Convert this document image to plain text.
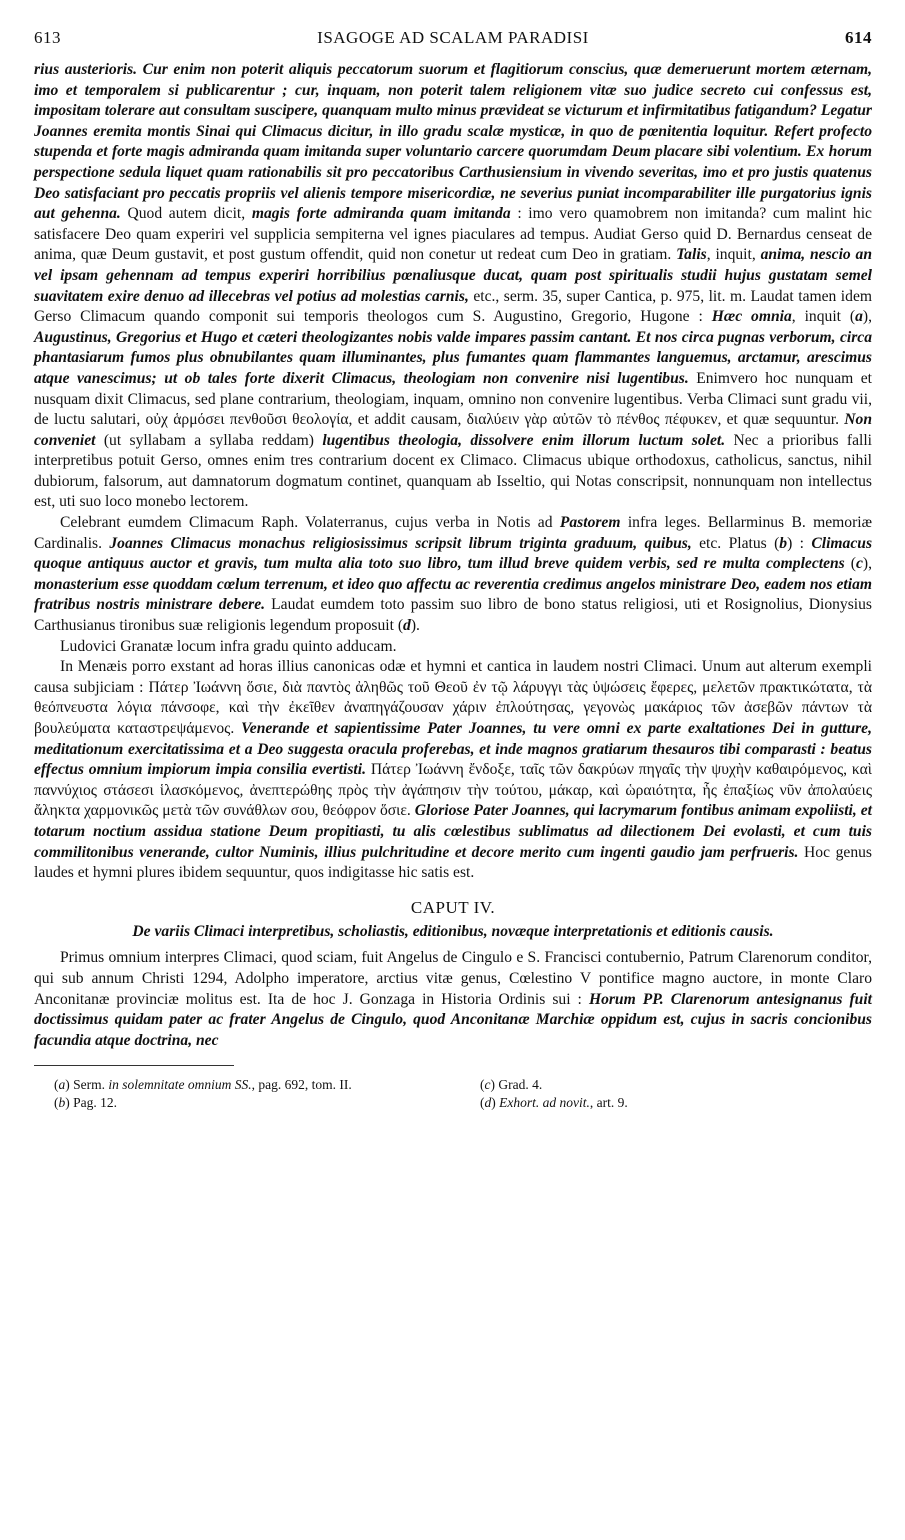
613	ISAGOGE AD SCALAM PARADISI	614

rius austerioris. Cur enim non poterit aliquis peccatorum suorum et flagitiorum conscius, quæ demeruerunt mortem æternam, imo et temporalem si publicarentur ; cur, inquam, non poterit talem religionem vitæ suo judice secreto cui confessus est, impositam tolerare aut consultam suscipere, quanquam multo minus prævideat se victurum et infirmitatibus fatigandum? Legatur Joannes eremita montis Sinai qui Climacus dicitur, in illo gradu scalæ mysticæ, in quo de pœnitentia loquitur. Refert profecto stupenda et forte magis admiranda quam imitanda super voluntario carcere quorumdam Deum placare sibi volentium. Ex horum perspectione sedula liquet quam rationabilis sit pro peccatoribus Carthusiensium in vivendo severitas, imo et pro justis quatenus Deo satisfaciant pro peccatis propriis vel alienis tempore misericordiæ, ne severius puniat incomparabiliter ille purgatorius ignis aut gehenna. Quod autem dicit, magis forte admiranda quam imitanda : imo vero quamobrem non imitanda? cum malint hic satisfacere Deo quam experiri vel supplicia sempiterna vel ignes piaculares ad tempus. Audiat Gerso quid D. Bernardus censeat de anima, quæ Deum gustavit, et post gustum offendit, quid non conetur ut redeat cum Deo in gratiam. Talis, inquit, anima, nescio an vel ipsam gehennam ad tempus experiri horribilius pœnaliusque ducat, quam post spiritualis studii hujus gustatam semel suavitatem exire denuo ad illecebras vel potius ad molestias carnis, etc., serm. 35, super Cantica, p. 975, lit. m. Laudat tamen idem Gerso Climacum quando componit sui temporis theologos cum S. Augustino, Gregorio, Hugone : Hæc omnia, inquit (a), Augustinus, Gregorius et Hugo et cæteri theologizantes nobis valde impares passim cantant. Et nos circa pugnas verborum, circa phantasiarum fumos plus obnubilantes quam illuminantes, plus fumantes quam flammantes languemus, arctamur, arescimus atque vanescimus; ut ob tales forte dixerit Climacus, theologiam non convenire nisi lugentibus. Enimvero hoc nunquam et nusquam dixit Climacus, sed plane contrarium, theologiam, inquam, omnino non convenire lugentibus. Verba Climaci sunt gradu vii, de luctu salutari, οὐχ ἁρμόσει πενθοῦσι θεολογία, et addit causam, διαλύειν γὰρ αὐτῶν τὸ πένθος πέφυκεν, et quæ sequuntur. Non conveniet (ut syllabam a syllaba reddam) lugentibus theologia, dissolvere enim illorum luctum solet. Nec a prioribus falli interpretibus potuit Gerso, omnes enim tres contrarium docent ex Climaco. Climacus ubique orthodoxus, catholicus, sanctus, nihil dubiorum, falsorum, aut damnatorum dogmatum continet, quanquam ab Isseltio, qui Notas conscripsit, nonnunquam non intellectus est, uti suo loco monebo lectorem.

Celebrant eumdem Climacum Raph. Volaterranus, cujus verba in Notis ad Pastorem infra leges. Bellarminus B. memoriæ Cardinalis. Joannes Climacus monachus religiosissimus scripsit librum triginta graduum, quibus, etc. Platus (b) : Climacus quoque antiquus auctor et gravis, tum multa alia toto suo libro, tum illud breve quidem verbis, sed re multa complectens (c), monasterium esse quoddam cœlum terrenum, et ideo quo affectu ac reverentia credimus angelos ministrare Deo, eadem nos etiam fratribus nostris ministrare debere. Laudat eumdem toto passim suo libro de bono status religiosi, uti et Rosignolius, Dionysius Carthusianus tironibus suæ religionis legendum proposuit (d).

Ludovici Granatæ locum infra gradu quinto adducam.

In Menæis porro exstant ad horas illius canonicas odæ et hymni et cantica in laudem nostri Climaci. Unum aut alterum exempli causa subjiciam : Πάτερ Ἰωάννη ὅσιε, διὰ παντὸς ἀληθῶς τοῦ Θεοῦ ἐν τῷ λάρυγγι τὰς ὑψώσεις ἔφερες, μελετῶν πρακτικώτατα, τὰ θεόπνευστα λόγια πάνσοφε, καὶ τὴν ἐκεῖθεν ἀναπηγάζουσαν χάριν ἐπλούτησας, γεγονὼς μακάριος τῶν ἀσεβῶν πάντων τὰ βουλεύματα καταστρεψάμενος. Venerande et sapientissime Pater Joannes, tu vere omni ex parte exaltationes Dei in gutture, meditationum exercitatissima et a Deo suggesta oracula proferebas, et inde magnos gratiarum thesauros tibi comparasti : beatus effectus omnium impiorum impia consilia evertisti. Πάτερ Ἰωάννη ἔνδοξε, ταῖς τῶν δακρύων πηγαῖς τὴν ψυχὴν καθαιρόμενος, καὶ παννύχιος στάσεσι ἱλασκόμενος, ἀνεπτερώθης πρὸς τὴν ἀγάπησιν τὴν τούτου, μάκαρ, καὶ ὡραιότητα, ἧς ἐπαξίως νῦν ἀπολαύεις ἄληκτα χαρμονικῶς μετὰ τῶν συνάθλων σου, θεόφρον ὅσιε. Gloriose Pater Joannes, qui lacrymarum fontibus animam expoliisti, et totarum noctium assidua statione Deum propitiasti, tu alis cœlestibus sublimatus ad dilectionem Dei evolasti, et cum tuis commilitonibus venerande, cultor Numinis, illius pulchritudine et decore merito cum ingenti gaudio jam perfrueris. Hoc genus laudes et hymni plures ibidem sequuntur, quos indigitasse hic satis est.

CAPUT IV.
De variis Climaci interpretibus, scholiastis, editionibus, novæque interpretationis et editionis causis.

Primus omnium interpres Climaci, quod sciam, fuit Angelus de Cingulo e S. Francisci contubernio, Patrum Clarenorum conditor, qui sub annum Christi 1294, Adolpho imperatore, arctius vitæ genus, Cœlestino V pontifice magno auctore, in monte Claro Anconitanæ provinciæ molitus est. Ita de hoc J. Gonzaga in Historia Ordinis sui : Horum PP. Clarenorum antesignanus fuit doctissimus quidam pater ac frater Angelus de Cingulo, quod Anconitanæ Marchiæ oppidum est, cujus in sacris concionibus facundia atque doctrina, nec

(a) Serm. in solemnitate omnium SS., pag. 692, tom. II.
(b) Pag. 12.
(c) Grad. 4.
(d) Exhort. ad novit., art. 9.
